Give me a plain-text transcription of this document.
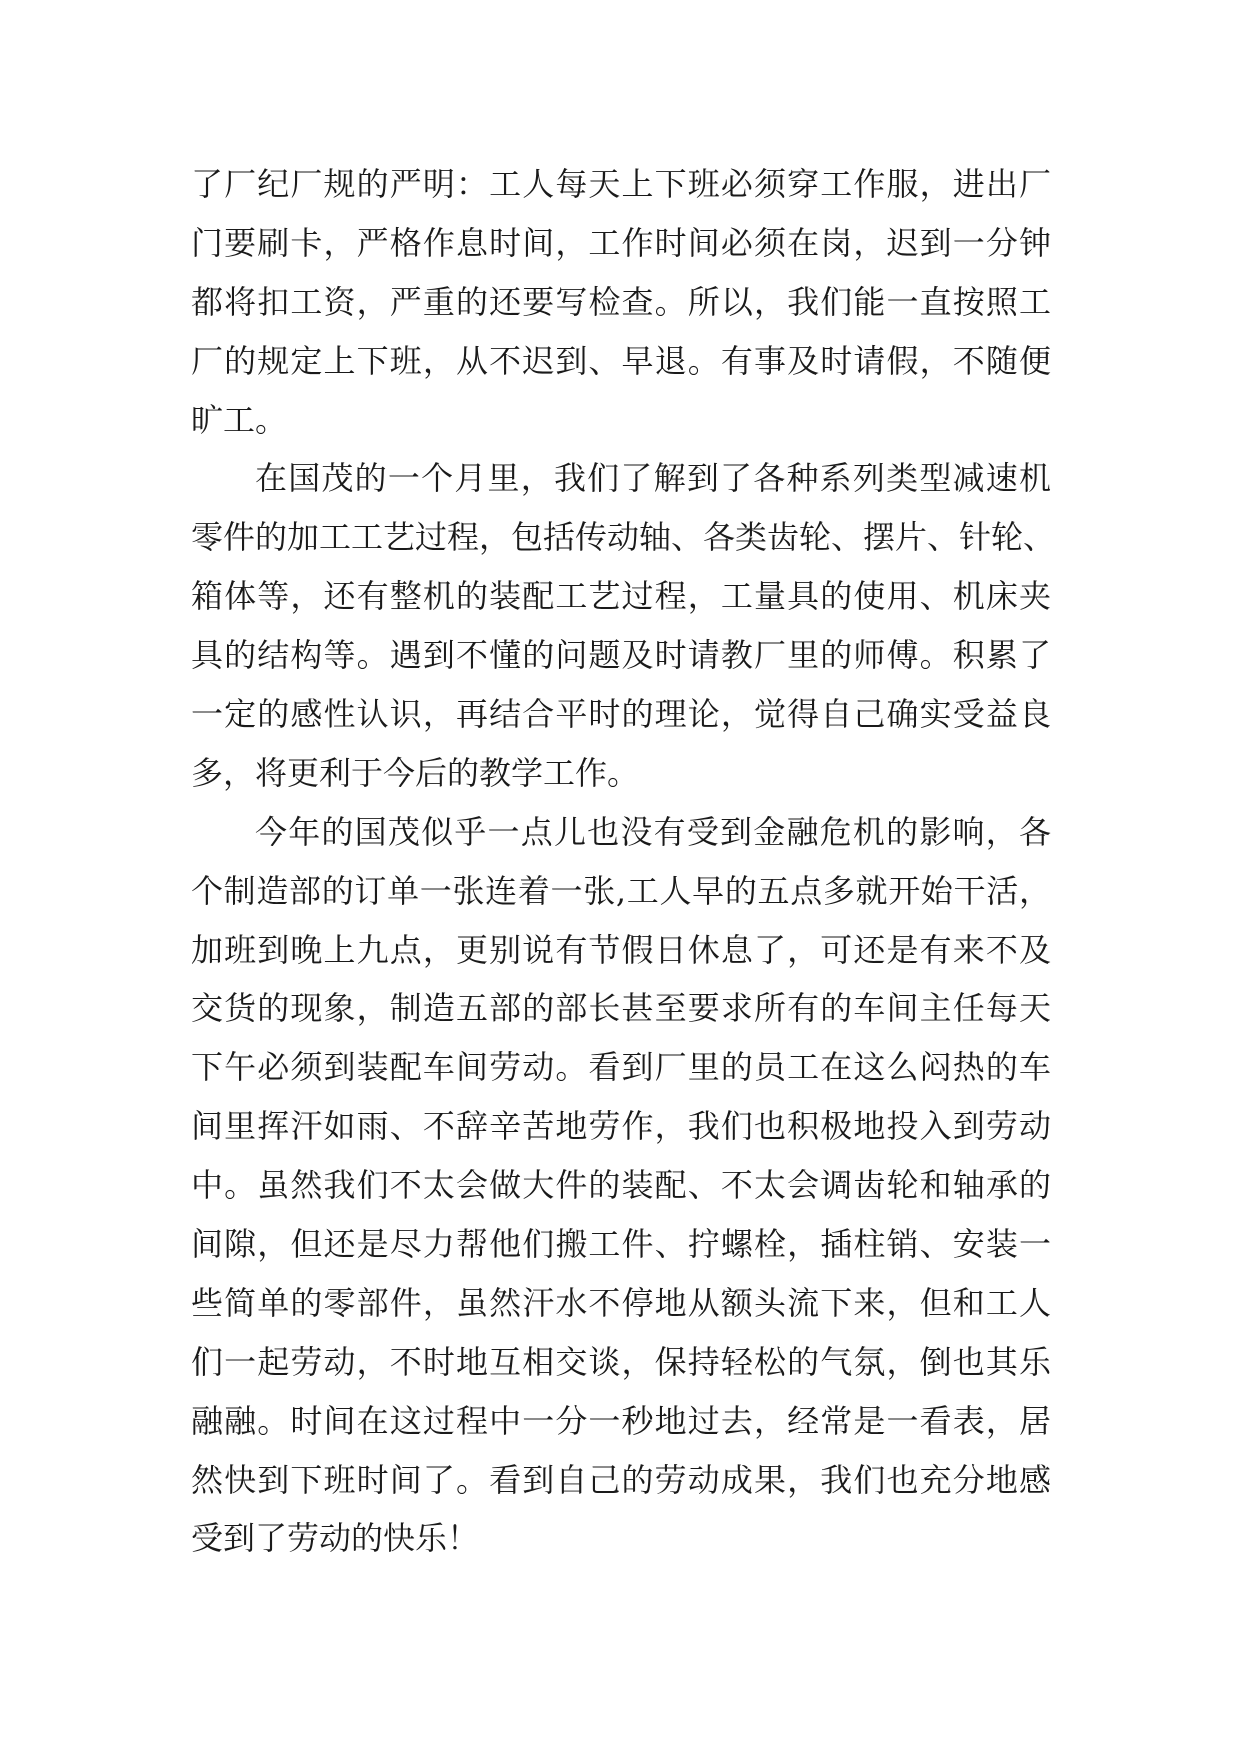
了厂纪厂规的严明：工人每天上下班必须穿工作服，进出厂
门要刷卡，严格作息时间，工作时间必须在岗，迟到一分钟
都将扣工资，严重的还要写检查。所以，我们能一直按照工
厂的规定上下班，从不迟到、早退。有事及时请假，不随便
旷工。
在国茂的一个月里，我们了解到了各种系列类型减速机
零件的加工工艺过程，包括传动轴、各类齿轮、摆片、针轮、
箱体等，还有整机的装配工艺过程，工量具的使用、机床夹
具的结构等。遇到不懂的问题及时请教厂里的师傅。积累了
一定的感性认识，再结合平时的理论，觉得自己确实受益良
多，将更利于今后的教学工作。
今年的国茂似乎一点儿也没有受到金融危机的影响，各
个制造部的订单一张连着一张,工人早的五点多就开始干活，
加班到晚上九点，更别说有节假日休息了，可还是有来不及
交货的现象，制造五部的部长甚至要求所有的车间主任每天
下午必须到装配车间劳动。看到厂里的员工在这么闷热的车
间里挥汗如雨、不辞辛苦地劳作，我们也积极地投入到劳动
中。虽然我们不太会做大件的装配、不太会调齿轮和轴承的
间隙，但还是尽力帮他们搬工件、拧螺栓，插柱销、安装一
些简单的零部件，虽然汗水不停地从额头流下来，但和工人
们一起劳动，不时地互相交谈，保持轻松的气氛，倒也其乐
融融。时间在这过程中一分一秒地过去，经常是一看表，居
然快到下班时间了。看到自己的劳动成果，我们也充分地感
受到了劳动的快乐！
